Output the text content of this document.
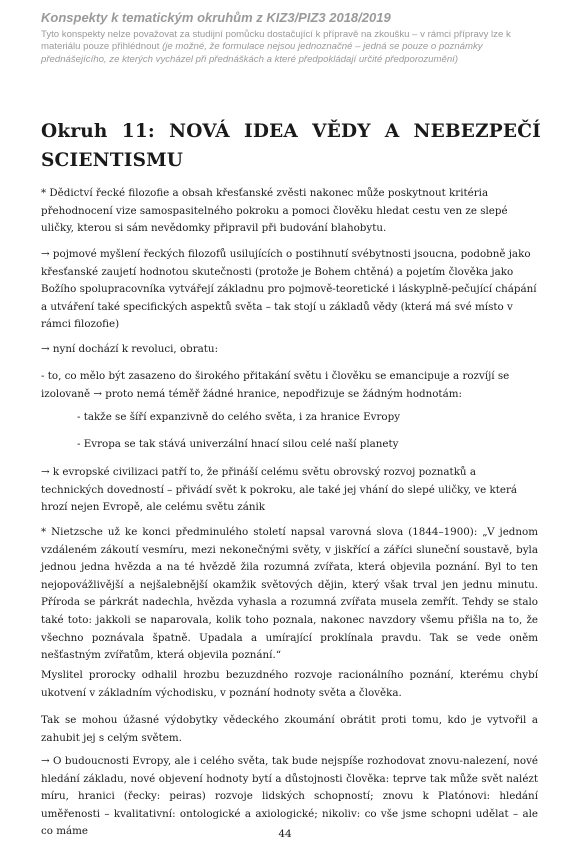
Konspekty k tematickým okruhům z KIZ3/PIZ3 2018/2019
Tyto konspekty nelze považovat za studijní pomůcku dostačující k přípravě na zkoušku – v rámci přípravy lze k materiálu pouze přihlédnout (je možné, že formulace nejsou jednoznačné – jedná se pouze o poznámky přednášejícího, ze kterých vycházel při přednáškách a které předpokládají určité předporozumění)
Okruh 11: NOVÁ IDEA VĚDY A NEBEZPEČÍ SCIENTISMU
* Dědictví řecké filozofie a obsah křesťanské zvěsti nakonec může poskytnout kritéria přehodnocení vize samospasitelného pokroku a pomoci člověku hledat cestu ven ze slepé uličky, kterou si sám nevědomky připravil při budování blahobytu.
→ pojmové myšlení řeckých filozofů usilujících o postihnutí svébytnosti jsoucna, podobně jako křesťanské zaujetí hodnotou skutečnosti (protože je Bohem chtěná) a pojetím člověka jako Božího spolupracovníka vytvářejí základnu pro pojmově-teoretické i láskyplně-pečující chápání a utváření také specifických aspektů světa – tak stojí u základů vědy (která má své místo v rámci filozofie)
→ nyní dochází k revoluci, obratu:
- to, co mělo být zasazeno do širokého přitakání světu i člověku se emancipuje a rozvíjí se izolovaně → proto nemá téměř žádné hranice, nepodřizuje se žádným hodnotám:
- takže se šíří expanzivně do celého světa, i za hranice Evropy
- Evropa se tak stává univerzální hnací silou celé naší planety
→ k evropské civilizaci patří to, že přináší celému světu obrovský rozvoj poznatků a technických dovedností – přivádí svět k pokroku, ale také jej vhání do slepé uličky, ve která hrozí nejen Evropě, ale celému světu zánik
* Nietzsche už ke konci předminulého století napsal varovná slova (1844–1900): „V jednom vzdáleném zákoutí vesmíru, mezi nekonečnými světy, v jiskřící a záříci sluneční soustavě, byla jednou jedna hvězda a na té hvězdě žila rozumná zvířata, která objevila poznání. Byl to ten nejopovážlivější a nejšalebnější okamžik světových dějin, který však trval jen jednu minutu. Příroda se párkrát nadechla, hvězda vyhasla a rozumná zvířata musela zemřít. Tehdy se stalo také toto: jakkoli se naparovala, kolik toho poznala, nakonec navzdory všemu přišla na to, že všechno poznávala špatně. Upadala a umírající proklínala pravdu. Tak se vede oněm nešťastným zvířatům, která objevila poznání.“
Myslitel prorocky odhalil hrozbu bezuzdného rozvoje racionálního poznání, kterému chybí ukotvení v základním východisku, v poznání hodnoty světa a člověka.
Tak se mohou úžasné výdobytky vědeckého zkoumání obrátit proti tomu, kdo je vytvořil a zahubit jej s celým světem.
→ O budoucnosti Evropy, ale i celého světa, tak bude nejspíše rozhodovat znovu-nalezení, nové hledání základu, nové objevení hodnoty bytí a důstojnosti člověka: teprve tak může svět nalézt míru, hranici (řecky: peiras) rozvoje lidských schopností; znovu k Platónovi: hledání uměřenosti – kvalitativní: ontologické a axiologické; nikoliv: co vše jsme schopni udělat – ale co máme	44
